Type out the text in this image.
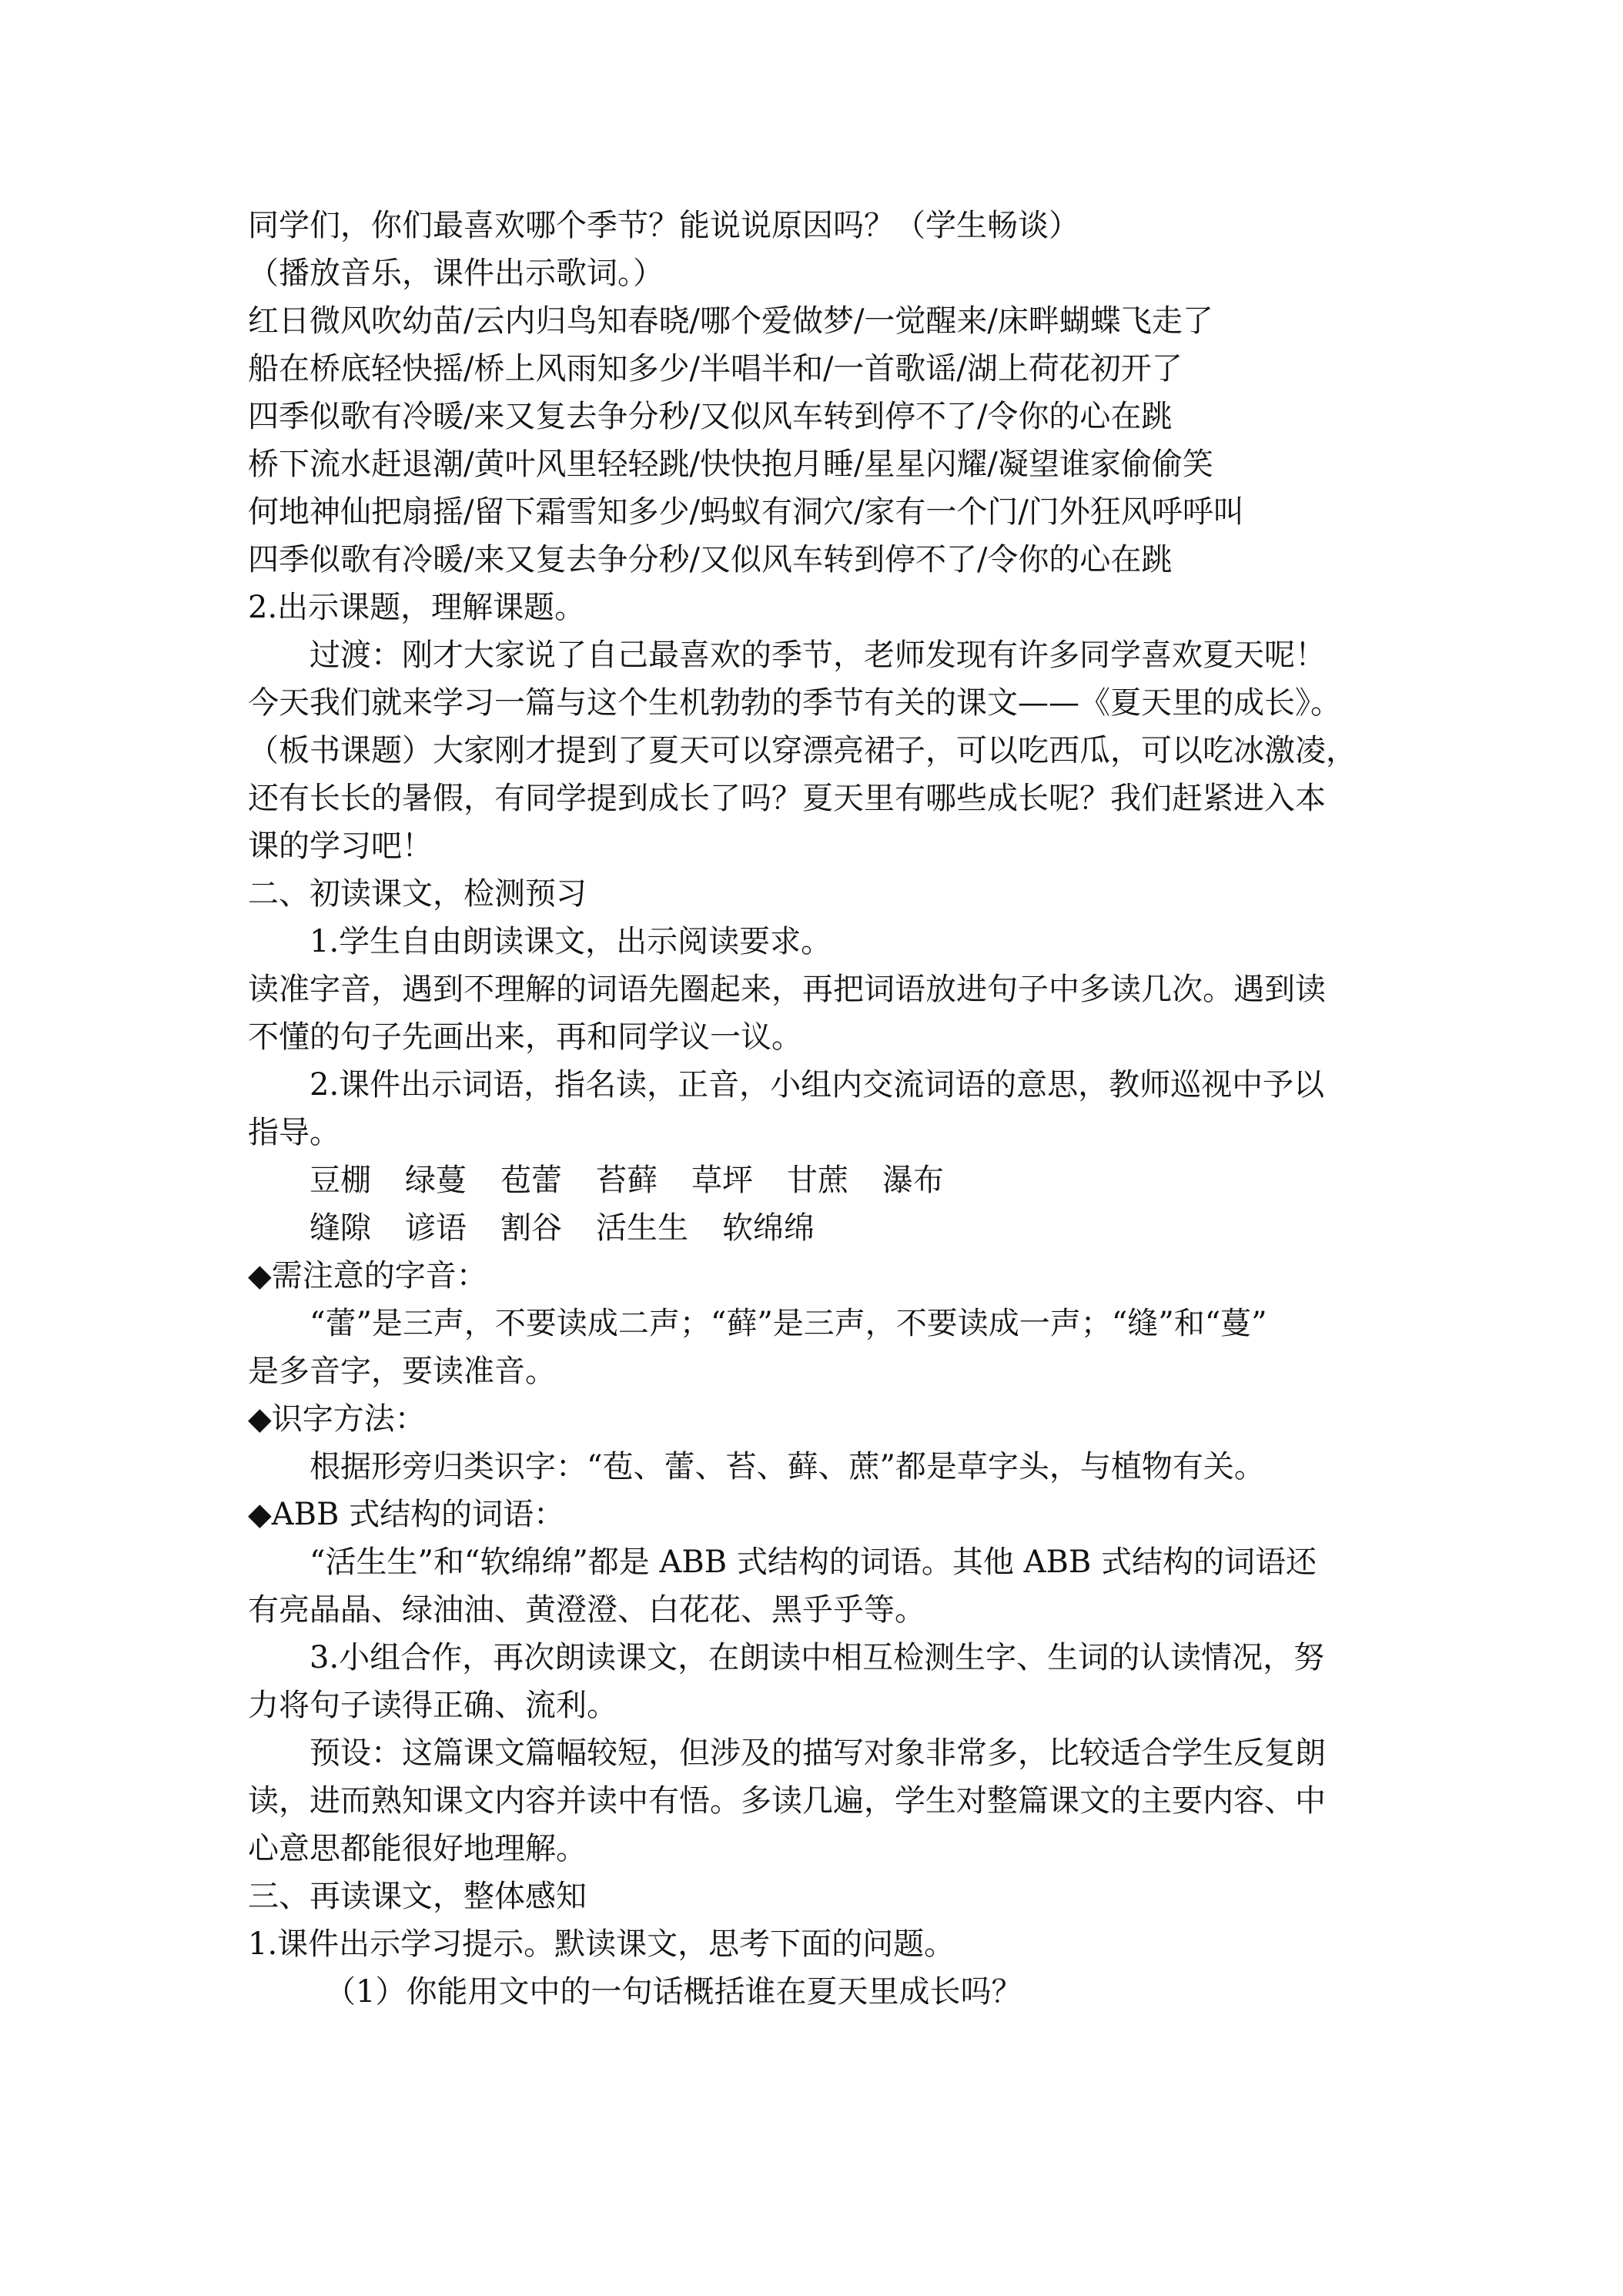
同学们，你们最喜欢哪个季节？能说说原因吗？（学生畅谈）
（播放音乐，课件出示歌词。）
红日微风吹幼苗/云内归鸟知春晓/哪个爱做梦/一觉醒来/床畔蝴蝶飞走了
船在桥底轻快摇/桥上风雨知多少/半唱半和/一首歌谣/湖上荷花初开了
四季似歌有冷暖/来又复去争分秒/又似风车转到停不了/令你的心在跳
桥下流水赶退潮/黄叶风里轻轻跳/快快抱月睡/星星闪耀/凝望谁家偷偷笑
何地神仙把扇摇/留下霜雪知多少/蚂蚁有洞穴/家有一个门/门外狂风呼呼叫
四季似歌有冷暖/来又复去争分秒/又似风车转到停不了/令你的心在跳
2.出示课题，理解课题。
过渡：刚才大家说了自己最喜欢的季节，老师发现有许多同学喜欢夏天呢！
今天我们就来学习一篇与这个生机勃勃的季节有关的课文——《夏天里的成长》。
（板书课题）大家刚才提到了夏天可以穿漂亮裙子，可以吃西瓜，可以吃冰激凌，
还有长长的暑假，有同学提到成长了吗？夏天里有哪些成长呢？我们赶紧进入本
课的学习吧！
二、初读课文，检测预习
1.学生自由朗读课文，出示阅读要求。
读准字音，遇到不理解的词语先圈起来，再把词语放进句子中多读几次。遇到读
不懂的句子先画出来，再和同学议一议。
2.课件出示词语，指名读，正音，小组内交流词语的意思，教师巡视中予以
指导。
豆棚 绿蔓 苞蕾 苔藓 草坪 甘蔗 瀑布
缝隙 谚语 割谷 活生生 软绵绵
◆需注意的字音：
“蕾”是三声，不要读成二声；“藓”是三声，不要读成一声；“缝”和“蔓”
是多音字，要读准音。
◆识字方法：
根据形旁归类识字：“苞、蕾、苔、藓、蔗”都是草字头，与植物有关。
◆ABB 式结构的词语：
“活生生”和“软绵绵”都是 ABB 式结构的词语。其他 ABB 式结构的词语还
有亮晶晶、绿油油、黄澄澄、白花花、黑乎乎等。
3.小组合作，再次朗读课文，在朗读中相互检测生字、生词的认读情况，努
力将句子读得正确、流利。
预设：这篇课文篇幅较短，但涉及的描写对象非常多，比较适合学生反复朗
读，进而熟知课文内容并读中有悟。多读几遍，学生对整篇课文的主要内容、中
心意思都能很好地理解。
三、再读课文，整体感知
1.课件出示学习提示。默读课文，思考下面的问题。
（1）你能用文中的一句话概括谁在夏天里成长吗？
